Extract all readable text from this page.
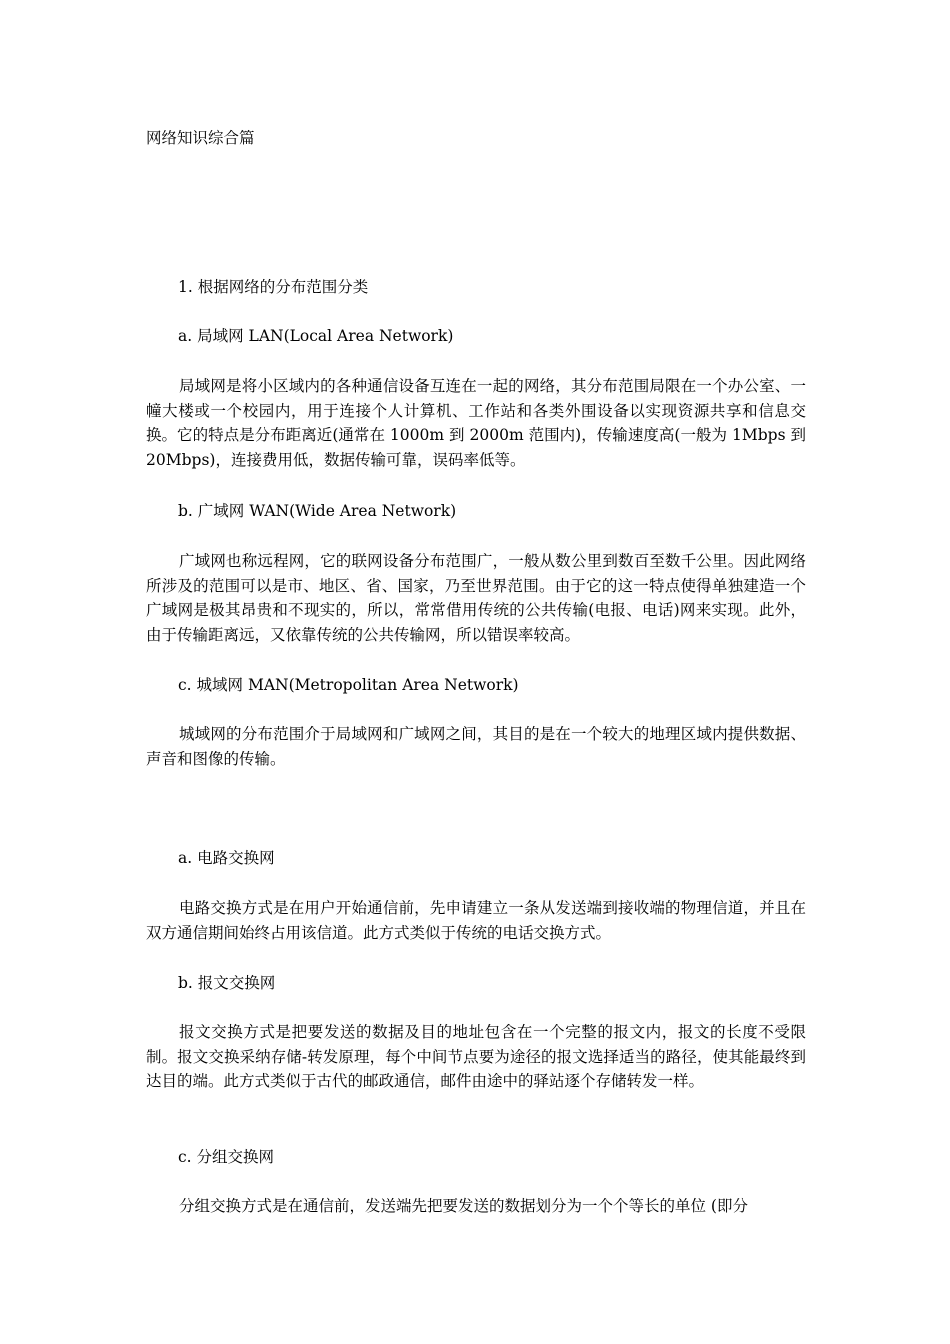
网络知识综合篇

1. 根据网络的分布范围分类

a. 局域网 LAN(Local Area Network)

局域网是将小区域内的各种通信设备互连在一起的网络，其分布范围局限在一个办公室、一幢大楼或一个校园内，用于连接个人计算机、工作站和各类外围设备以实现资源共享和信息交换。它的特点是分布距离近(通常在 1000m 到 2000m 范围内)，传输速度高(一般为 1Mbps 到 20Mbps)，连接费用低，数据传输可靠，误码率低等。

b. 广域网 WAN(Wide Area Network)

广域网也称远程网，它的联网设备分布范围广，一般从数公里到数百至数千公里。因此网络所涉及的范围可以是市、地区、省、国家，乃至世界范围。由于它的这一特点使得单独建造一个广域网是极其昂贵和不现实的，所以，常常借用传统的公共传输(电报、电话)网来实现。此外，由于传输距离远，又依靠传统的公共传输网，所以错误率较高。

c. 城域网 MAN(Metropolitan Area Network)

城域网的分布范围介于局域网和广域网之间，其目的是在一个较大的地理区域内提供数据、声音和图像的传输。

a. 电路交换网

电路交换方式是在用户开始通信前，先申请建立一条从发送端到接收端的物理信道，并且在双方通信期间始终占用该信道。此方式类似于传统的电话交换方式。

b. 报文交换网

报文交换方式是把要发送的数据及目的地址包含在一个完整的报文内，报文的长度不受限制。报文交换采纳存储-转发原理，每个中间节点要为途径的报文选择适当的路径，使其能最终到达目的端。此方式类似于古代的邮政通信，邮件由途中的驿站逐个存储转发一样。

c. 分组交换网

分组交换方式是在通信前，发送端先把要发送的数据划分为一个个等长的单位 (即分
